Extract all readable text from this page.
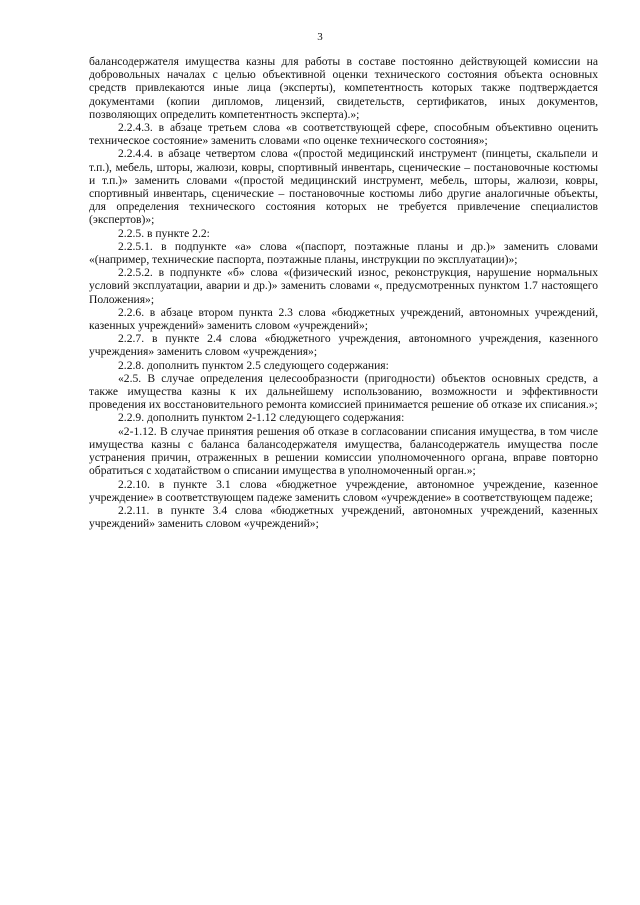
3

балансодержателя имущества казны для работы в составе постоянно действующей комиссии на добровольных началах с целью объективной оценки технического состояния объекта основных средств привлекаются иные лица (эксперты), компетентность которых также подтверждается документами (копии дипломов, лицензий, свидетельств, сертификатов, иных документов, позволяющих определить компетентность эксперта).»;

2.2.4.3. в абзаце третьем слова «в соответствующей сфере, способным объективно оценить техническое состояние» заменить словами «по оценке технического состояния»;

2.2.4.4. в абзаце четвертом слова «(простой медицинский инструмент (пинцеты, скальпели и т.п.), мебель, шторы, жалюзи, ковры, спортивный инвентарь, сценические – постановочные костюмы и т.п.)» заменить словами «(простой медицинский инструмент, мебель, шторы, жалюзи, ковры, спортивный инвентарь, сценические – постановочные костюмы либо другие аналогичные объекты, для определения технического состояния которых не требуется привлечение специалистов (экспертов)»;

2.2.5. в пункте 2.2:

2.2.5.1. в подпункте «а» слова «(паспорт, поэтажные планы и др.)» заменить словами «(например, технические паспорта, поэтажные планы, инструкции по эксплуатации)»;

2.2.5.2. в подпункте «б» слова «(физический износ, реконструкция, нарушение нормальных условий эксплуатации, аварии и др.)» заменить словами «, предусмотренных пунктом 1.7 настоящего Положения»;

2.2.6. в абзаце втором пункта 2.3 слова «бюджетных учреждений, автономных учреждений, казенных учреждений» заменить словом «учреждений»;

2.2.7. в пункте 2.4 слова «бюджетного учреждения, автономного учреждения, казенного учреждения» заменить словом «учреждения»;

2.2.8. дополнить пунктом 2.5 следующего содержания:

«2.5. В случае определения целесообразности (пригодности) объектов основных средств, а также имущества казны к их дальнейшему использованию, возможности и эффективности проведения их восстановительного ремонта комиссией принимается решение об отказе их списания.»;

2.2.9. дополнить пунктом 2-1.12 следующего содержания:

«2-1.12. В случае принятия решения об отказе в согласовании списания имущества, в том числе имущества казны с баланса балансодержателя имущества, балансодержатель имущества после устранения причин, отраженных в решении комиссии уполномоченного органа, вправе повторно обратиться с ходатайством о списании имущества в уполномоченный орган.»;

2.2.10. в пункте 3.1 слова «бюджетное учреждение, автономное учреждение, казенное учреждение» в соответствующем падеже заменить словом «учреждение» в соответствующем падеже;

2.2.11. в пункте 3.4 слова «бюджетных учреждений, автономных учреждений, казенных учреждений» заменить словом «учреждений»;
